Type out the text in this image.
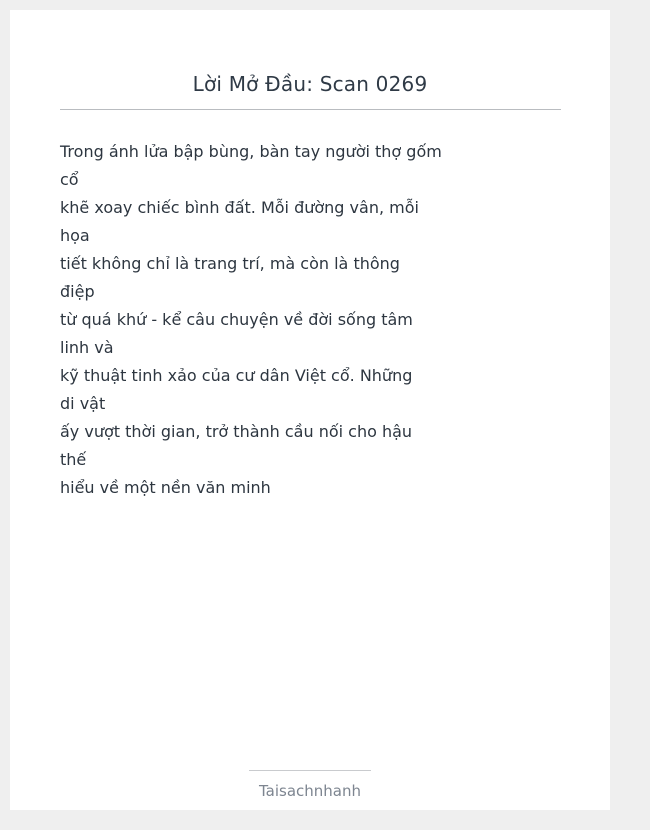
Lời Mở Đầu: Scan 0269
Trong ánh lửa bập bùng, bàn tay người thợ gốm
cổ
khẽ xoay chiếc bình đất. Mỗi đường vân, mỗi
họa
tiết không chỉ là trang trí, mà còn là thông
điệp
từ quá khứ - kể câu chuyện về đời sống tâm
linh và
kỹ thuật tinh xảo của cư dân Việt cổ. Những
di vật
ấy vượt thời gian, trở thành cầu nối cho hậu
thế
hiểu về một nền văn minh
Taisachnhanh
